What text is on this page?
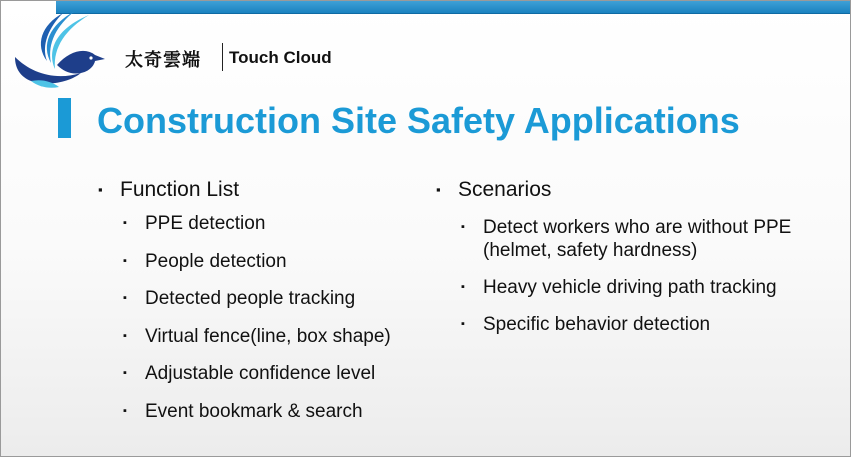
太奇雲端 Touch Cloud
Construction Site Safety Applications
▪ Function List
▪ PPE detection
▪ People detection
▪ Detected people tracking
▪ Virtual fence(line, box shape)
▪ Adjustable confidence level
▪ Event bookmark & search
▪ Scenarios
▪ Detect workers who are without PPE (helmet, safety hardness)
▪ Heavy vehicle driving path tracking
▪ Specific behavior detection
